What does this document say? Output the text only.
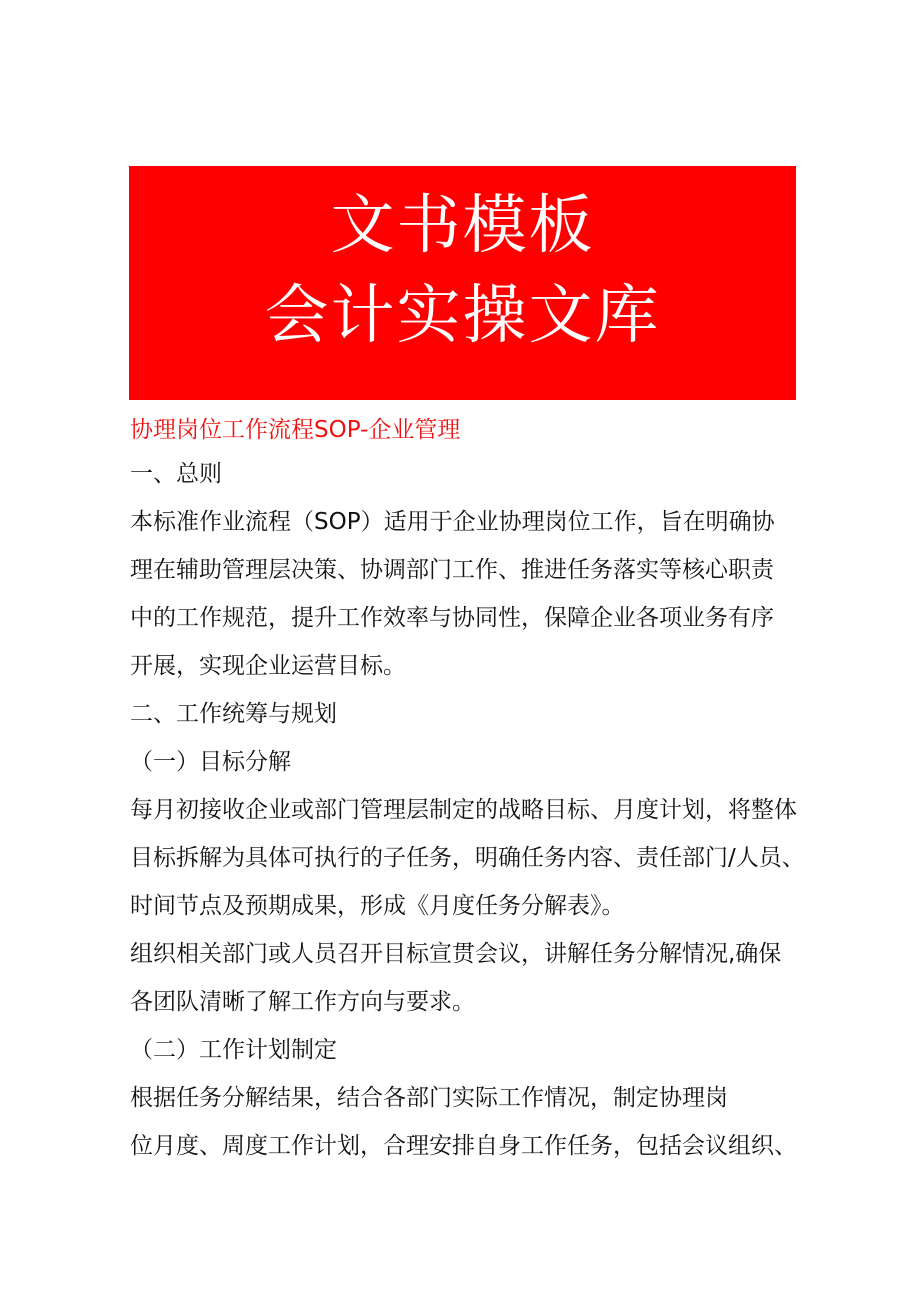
文书模板
会计实操文库
协理岗位工作流程SOP-企业管理
一、总则
本标准作业流程（SOP）适用于企业协理岗位工作，旨在明确协
理在辅助管理层决策、协调部门工作、推进任务落实等核心职责
中的工作规范，提升工作效率与协同性，保障企业各项业务有序
开展，实现企业运营目标。
二、工作统筹与规划
（一）目标分解
每月初接收企业或部门管理层制定的战略目标、月度计划，将整体
目标拆解为具体可执行的子任务，明确任务内容、责任部门/人员、
时间节点及预期成果，形成《月度任务分解表》。
组织相关部门或人员召开目标宣贯会议，讲解任务分解情况,确保
各团队清晰了解工作方向与要求。
（二）工作计划制定
根据任务分解结果，结合各部门实际工作情况，制定协理岗
位月度、周度工作计划，合理安排自身工作任务，包括会议组织、
